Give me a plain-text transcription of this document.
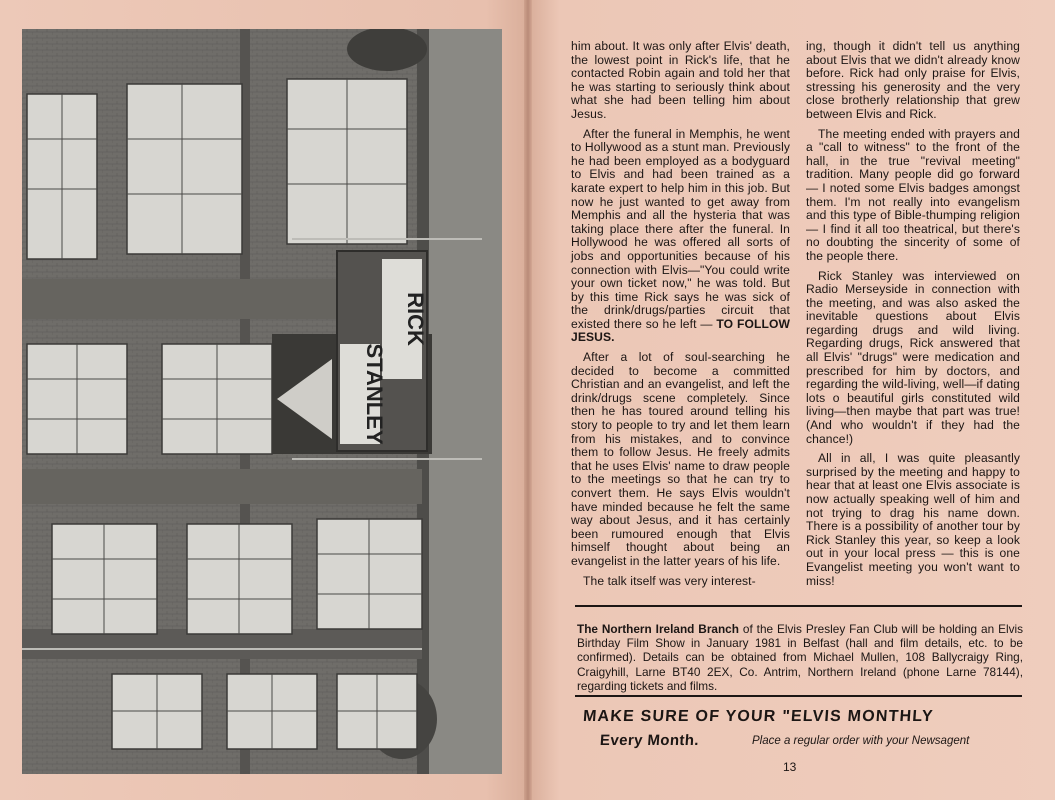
STANLEY
RICK

him about. It was only after Elvis' death, the lowest point in Rick's life, that he contacted Robin again and told her that he was starting to seriously think about what she had been telling him about Jesus.

After the funeral in Memphis, he went to Hollywood as a stunt man. Previously he had been employed as a bodyguard to Elvis and had been trained as a karate expert to help him in this job. But now he just wanted to get away from Memphis and all the hysteria that was taking place there after the funeral. In Hollywood he was offered all sorts of jobs and opportunities because of his connection with Elvis—"You could write your own ticket now," he was told. But by this time Rick says he was sick of the drink/drugs/parties circuit that existed there so he left — TO FOLLOW JESUS.

After a lot of soul-searching he decided to become a committed Christian and an evangelist, and left the drink/drugs scene completely. Since then he has toured around telling his story to people to try and let them learn from his mistakes, and to convince them to follow Jesus. He freely admits that he uses Elvis' name to draw people to the meetings so that he can try to convert them. He says Elvis wouldn't have minded because he felt the same way about Jesus, and it has certainly been rumoured enough that Elvis himself thought about being an evangelist in the latter years of his life.

The talk itself was very interest-

ing, though it didn't tell us anything about Elvis that we didn't already know before. Rick had only praise for Elvis, stressing his generosity and the very close brotherly relationship that grew between Elvis and Rick.

The meeting ended with prayers and a "call to witness" to the front of the hall, in the true "revival meeting" tradition. Many people did go forward — I noted some Elvis badges amongst them. I'm not really into evangelism and this type of Bible-thumping religion — I find it all too theatrical, but there's no doubting the sincerity of some of the people there.

Rick Stanley was interviewed on Radio Merseyside in connection with the meeting, and was also asked the inevitable questions about Elvis regarding drugs and wild living. Regarding drugs, Rick answered that all Elvis' "drugs" were medication and prescribed for him by doctors, and regarding the wild-living, well—if dating lots o beautiful girls constituted wild living—then maybe that part was true! (And who wouldn't if they had the chance!)

All in all, I was quite pleasantly surprised by the meeting and happy to hear that at least one Elvis associate is now actually speaking well of him and not trying to drag his name down. There is a possibility of another tour by Rick Stanley this year, so keep a look out in your local press — this is one Evangelist meeting you won't want to miss!

The Northern Ireland Branch of the Elvis Presley Fan Club will be holding an Elvis Birthday Film Show in January 1981 in Belfast (hall and film details, etc. to be confirmed). Details can be obtained from Michael Mullen, 108 Ballycraigy Ring, Craigyhill, Larne BT40 2EX, Co. Antrim, Northern Ireland (phone Larne 78144), regarding tickets and films.
MAKE SURE OF YOUR "ELVIS MONTHLY
Every Month.	Place a regular order with your Newsagent
13
